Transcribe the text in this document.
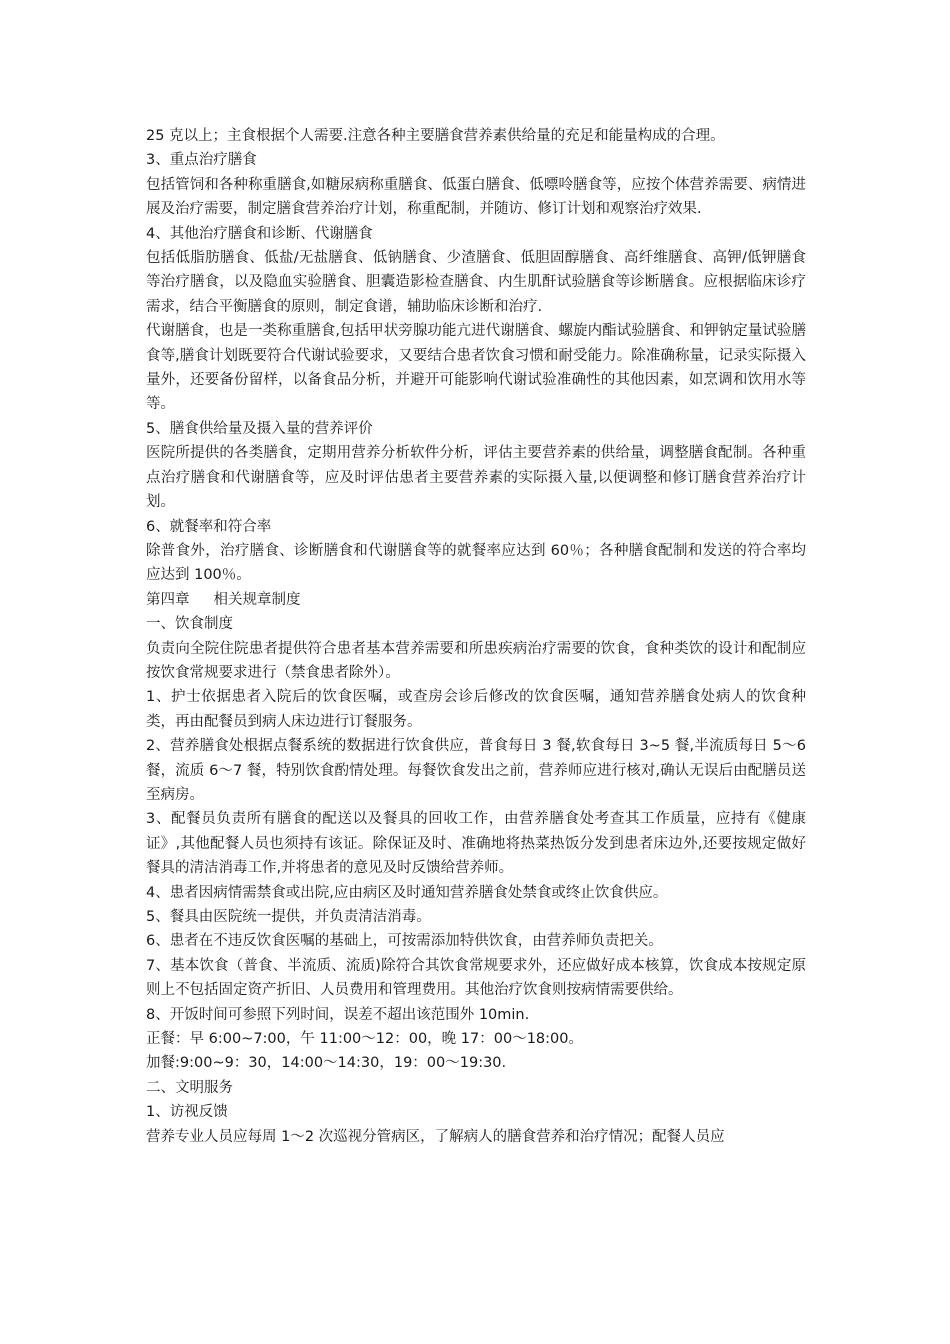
25 克以上；主食根据个人需要.注意各种主要膳食营养素供给量的充足和能量构成的合理。

3、重点治疗膳食

包括管饲和各种称重膳食,如糖尿病称重膳食、低蛋白膳食、低嘌呤膳食等，应按个体营养需要、病情进展及治疗需要，制定膳食营养治疗计划，称重配制，并随访、修订计划和观察治疗效果.

4、其他治疗膳食和诊断、代谢膳食

包括低脂肪膳食、低盐/无盐膳食、低钠膳食、少渣膳食、低胆固醇膳食、高纤维膳食、高钾/低钾膳食等治疗膳食，以及隐血实验膳食、胆囊造影检查膳食、内生肌酐试验膳食等诊断膳食。应根据临床诊疗需求，结合平衡膳食的原则，制定食谱，辅助临床诊断和治疗.

代谢膳食，也是一类称重膳食,包括甲状旁腺功能亢进代谢膳食、螺旋内酯试验膳食、和钾钠定量试验膳食等,膳食计划既要符合代谢试验要求，又要结合患者饮食习惯和耐受能力。除准确称量，记录实际摄入量外，还要备份留样，以备食品分析，并避开可能影响代谢试验准确性的其他因素，如烹调和饮用水等等。

5、膳食供给量及摄入量的营养评价

医院所提供的各类膳食，定期用营养分析软件分析，评估主要营养素的供给量，调整膳食配制。各种重点治疗膳食和代谢膳食等，应及时评估患者主要营养素的实际摄入量,以便调整和修订膳食营养治疗计划。

6、就餐率和符合率

除普食外，治疗膳食、诊断膳食和代谢膳食等的就餐率应达到 60％；各种膳食配制和发送的符合率均应达到 100％。

第四章 相关规章制度

一、饮食制度

负责向全院住院患者提供符合患者基本营养需要和所患疾病治疗需要的饮食，食种类饮的设计和配制应按饮食常规要求进行（禁食患者除外）。

1、护士依据患者入院后的饮食医嘱，或查房会诊后修改的饮食医嘱，通知营养膳食处病人的饮食种类，再由配餐员到病人床边进行订餐服务。

2、营养膳食处根据点餐系统的数据进行饮食供应，普食每日 3 餐,软食每日 3~5 餐,半流质每日 5～6 餐，流质 6～7 餐，特别饮食酌情处理。每餐饮食发出之前，营养师应进行核对,确认无误后由配膳员送至病房。

3、配餐员负责所有膳食的配送以及餐具的回收工作，由营养膳食处考查其工作质量，应持有《健康证》,其他配餐人员也须持有该证。除保证及时、准确地将热菜热饭分发到患者床边外,还要按规定做好餐具的清洁消毒工作,并将患者的意见及时反馈给营养师。

4、患者因病情需禁食或出院,应由病区及时通知营养膳食处禁食或终止饮食供应。

5、餐具由医院统一提供，并负责清洁消毒。

6、患者在不违反饮食医嘱的基础上，可按需添加特供饮食，由营养师负责把关。

7、基本饮食（普食、半流质、流质)除符合其饮食常规要求外，还应做好成本核算，饮食成本按规定原则上不包括固定资产折旧、人员费用和管理费用。其他治疗饮食则按病情需要供给。

8、开饭时间可参照下列时间，误差不超出该范围外 10min.

正餐：早 6:00~7:00，午 11:00～12：00，晚 17：00～18:00。

加餐:9:00~9：30，14:00～14:30，19：00～19:30.

二、文明服务

1、访视反馈

营养专业人员应每周 1～2 次巡视分管病区，了解病人的膳食营养和治疗情况；配餐人员应
